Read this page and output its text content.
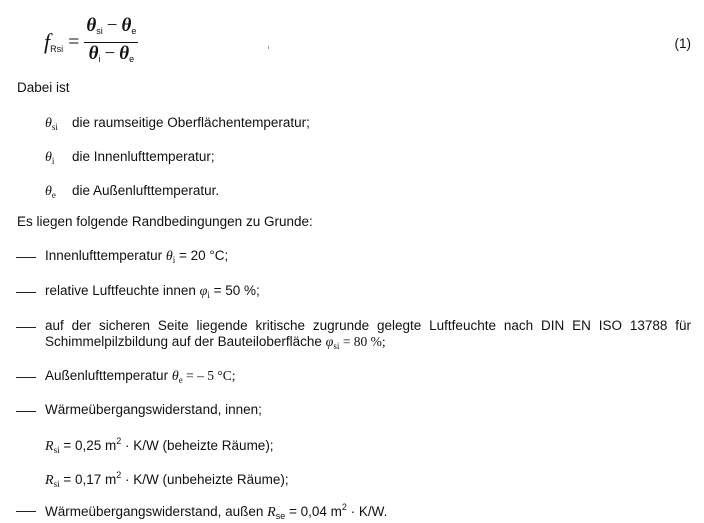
$f_{Rsi} = \frac{\theta_{si} - \theta_e}{\theta_i - \theta_e}$	(1)
Dabei ist
$\theta_{si}$ die raumseitige Oberflächentemperatur;
$\theta_i$ die Innenlufttemperatur;
$\theta_e$ die Außenlufttemperatur.
Es liegen folgende Randbedingungen zu Grunde:
Innenlufttemperatur $\theta_i = 20$ °C;
relative Luftfeuchte innen $\varphi_i = 50$ %;
auf der sicheren Seite liegende kritische zugrunde gelegte Luftfeuchte nach DIN EN ISO 13788 für
Schimmelpilzbildung auf der Bauteiloberfläche $\varphi_{si} = 80$ %;
Außenlufttemperatur $\theta_e$ = – 5 °C;
Wärmeübergangswiderstand, innen;
$R_{si} = 0,25$ $m^2 \cdot K/W$ (beheizte Räume);
$R_{si} = 0,17$ $m^2 \cdot K/W$ (unbeheizte Räume);
Wärmeübergangswiderstand, außen $R_{se} = 0,04$ $m^2 \cdot K/W$.
